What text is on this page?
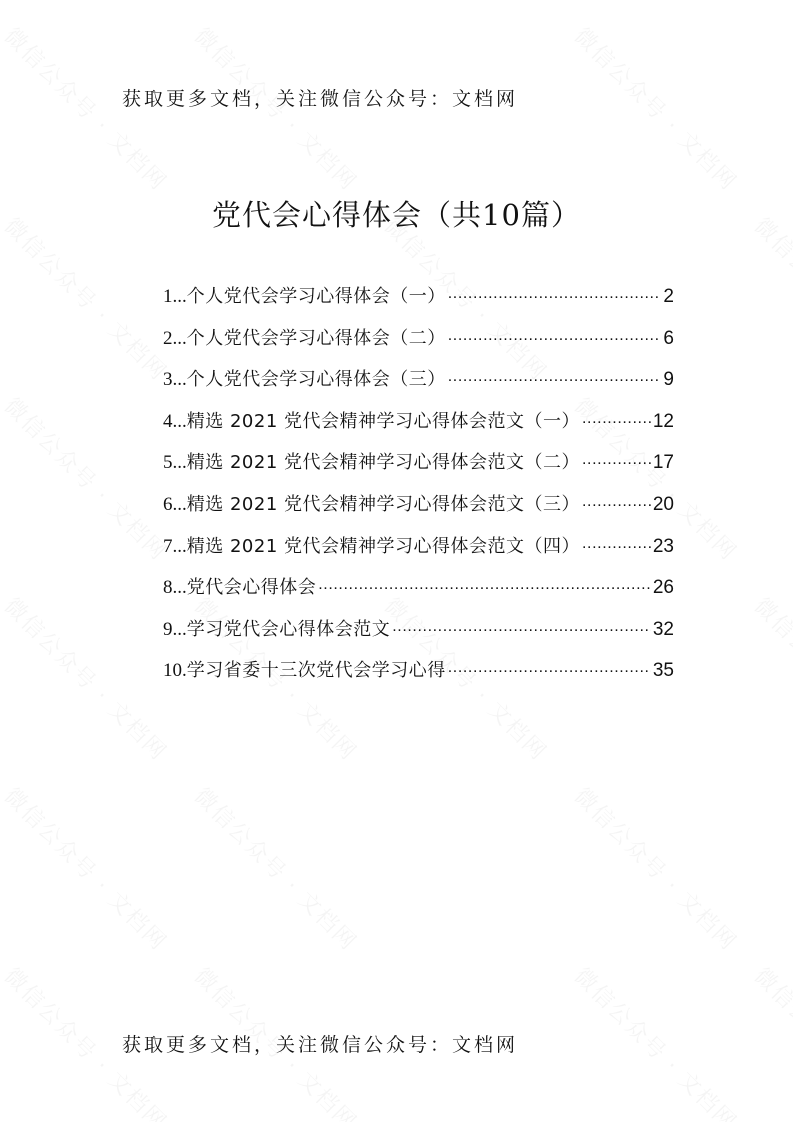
获取更多文档，关注微信公众号：文档网
党代会心得体会（共10篇）
1... 个人党代会学习心得体会（一） .....	2
2... 个人党代会学习心得体会（二） .....	6
3... 个人党代会学习心得体会（三） .....	9
4... 精选 2021 党代会精神学习心得体会范文（一） .....	12
5... 精选 2021 党代会精神学习心得体会范文（二） .....	17
6... 精选 2021 党代会精神学习心得体会范文（三） .....	20
7... 精选 2021 党代会精神学习心得体会范文（四） .....	23
8... 党代会心得体会 .....	26
9... 学习党代会心得体会范文 .....	32
10. 学习省委十三次党代会学习心得 .....	35
获取更多文档，关注微信公众号：文档网
